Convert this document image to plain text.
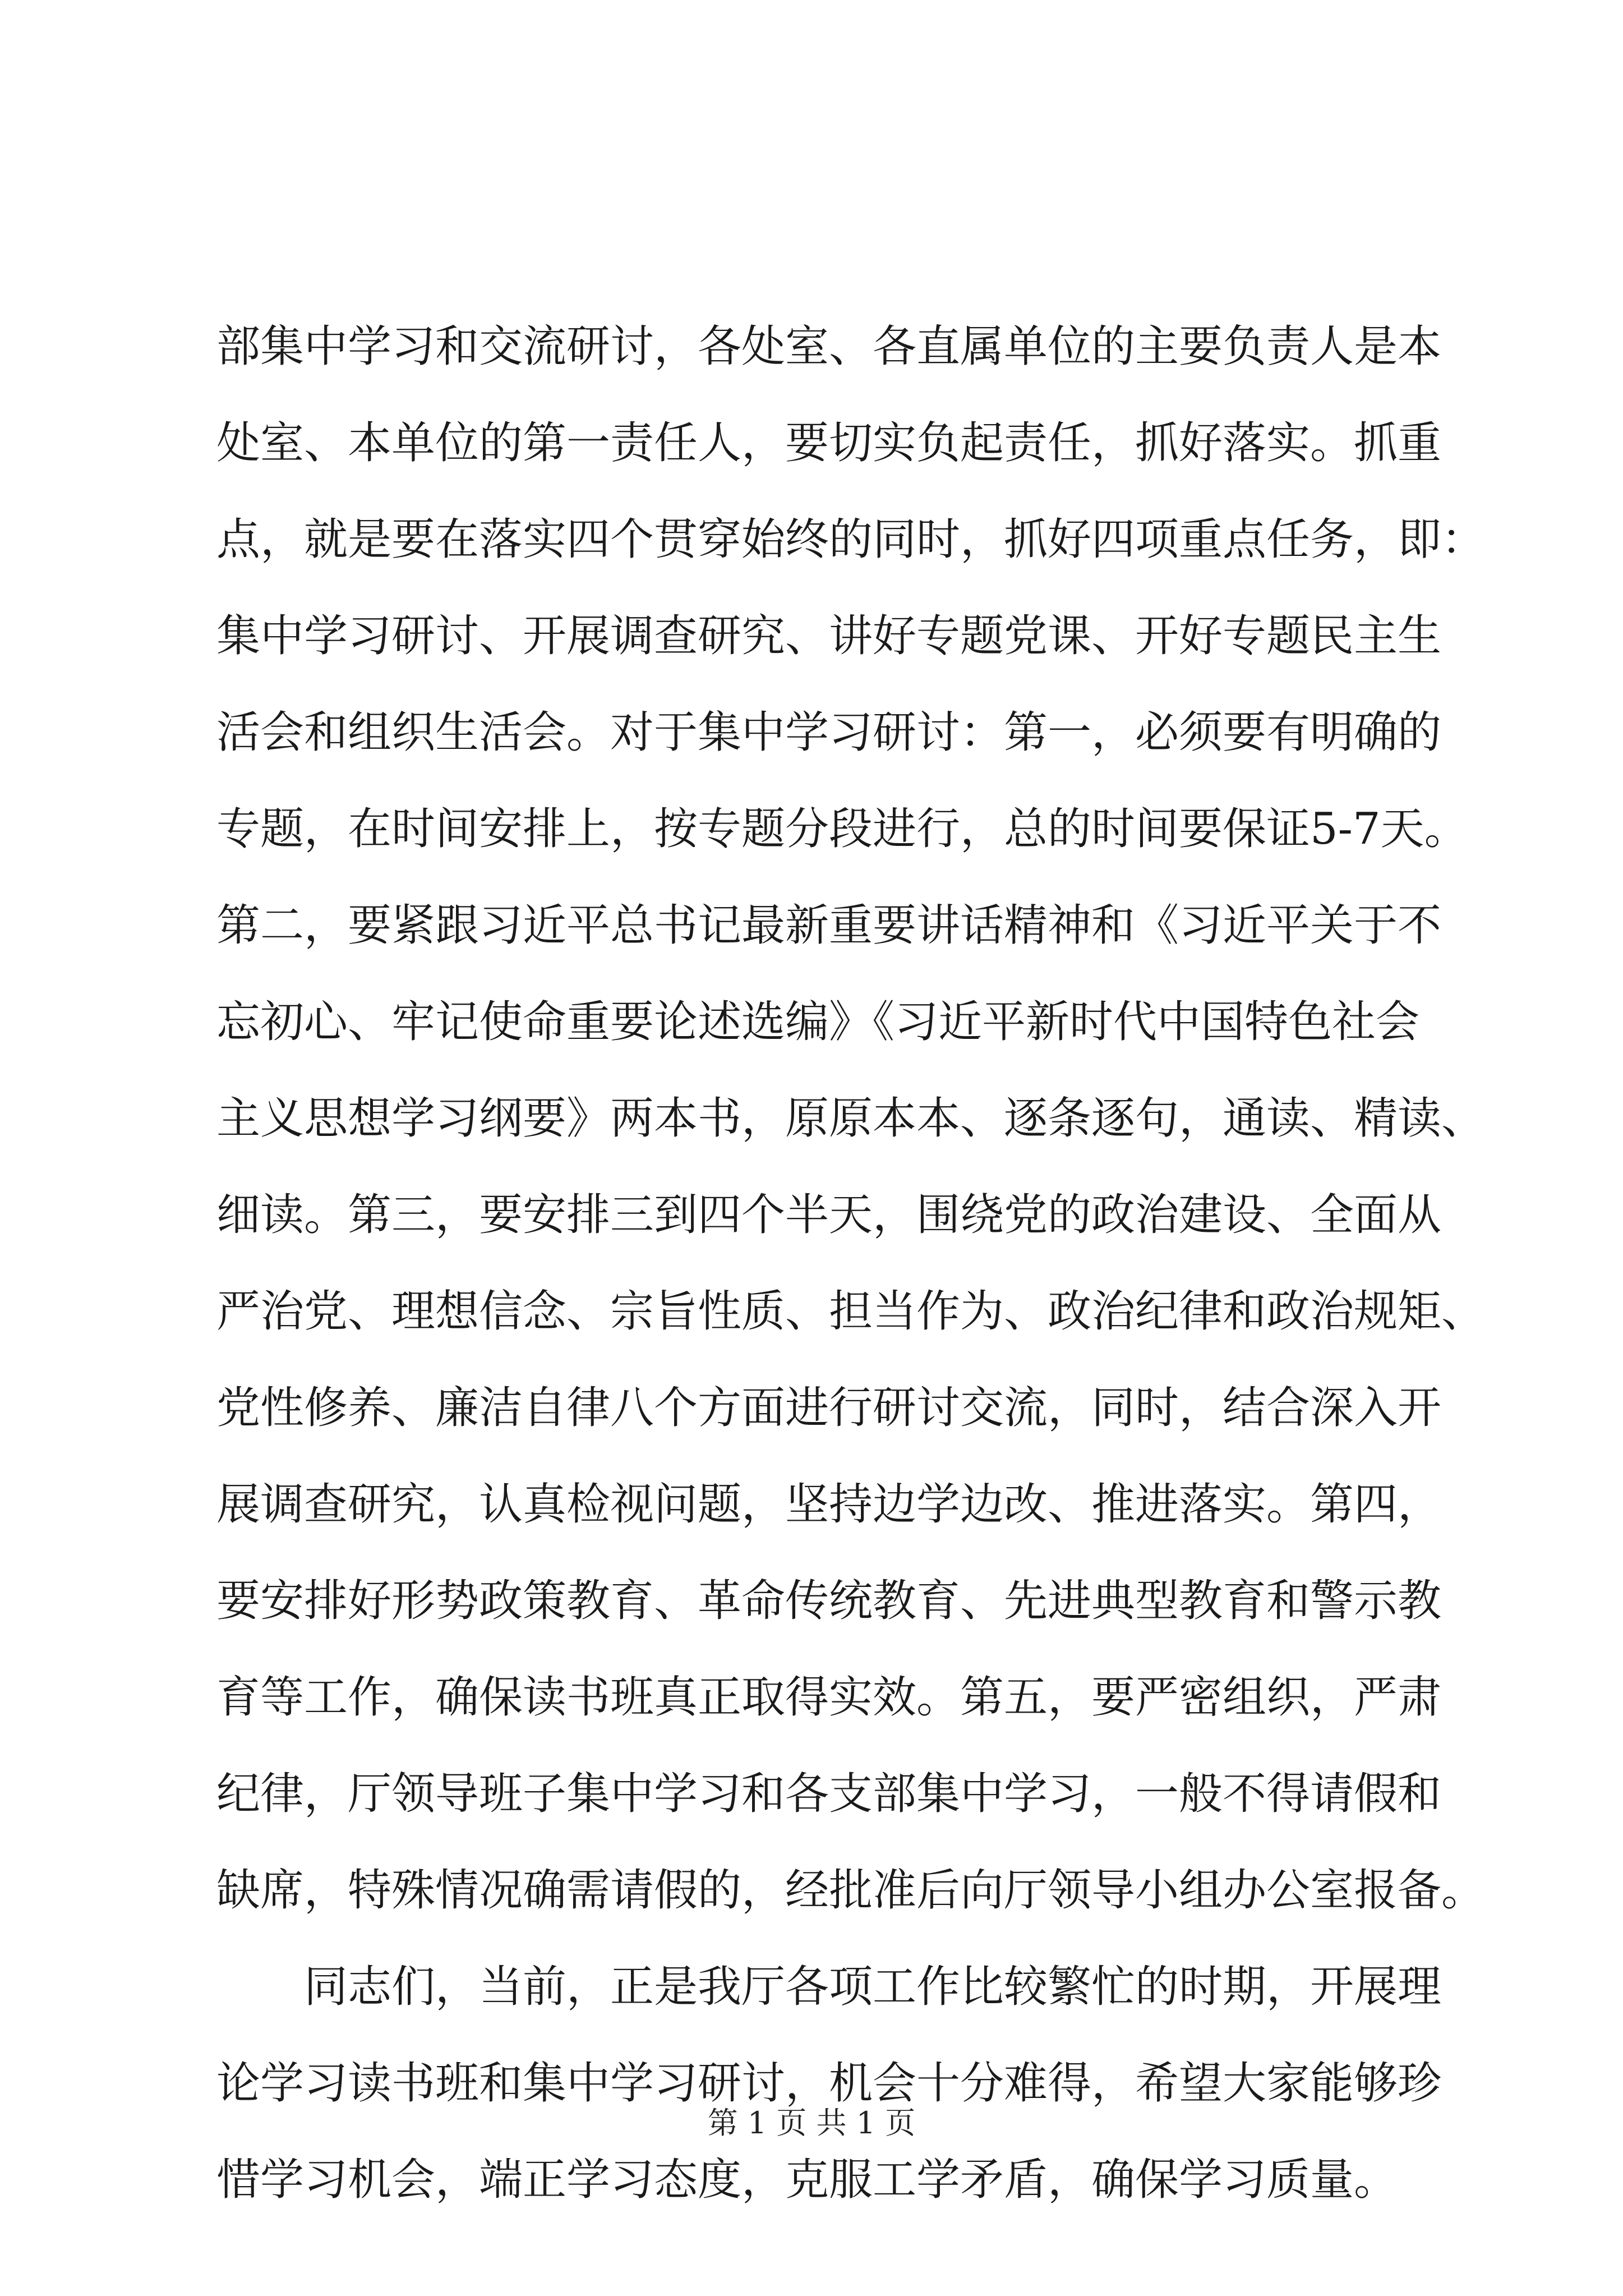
部集中学习和交流研讨，各处室、各直属单位的主要负责人是本
处室、本单位的第一责任人，要切实负起责任，抓好落实。抓重
点，就是要在落实四个贯穿始终的同时，抓好四项重点任务，即：
集中学习研讨、开展调查研究、讲好专题党课、开好专题民主生
活会和组织生活会。对于集中学习研讨：第一，必须要有明确的
专题，在时间安排上，按专题分段进行，总的时间要保证5-7天。
第二，要紧跟习近平总书记最新重要讲话精神和《习近平关于不
忘初心、牢记使命重要论述选编》《习近平新时代中国特色社会
主义思想学习纲要》两本书，原原本本、逐条逐句，通读、精读、
细读。第三，要安排三到四个半天，围绕党的政治建设、全面从
严治党、理想信念、宗旨性质、担当作为、政治纪律和政治规矩、
党性修养、廉洁自律八个方面进行研讨交流，同时，结合深入开
展调查研究，认真检视问题，坚持边学边改、推进落实。第四，
要安排好形势政策教育、革命传统教育、先进典型教育和警示教
育等工作，确保读书班真正取得实效。第五，要严密组织，严肃
纪律，厅领导班子集中学习和各支部集中学习，一般不得请假和
缺席，特殊情况确需请假的，经批准后向厅领导小组办公室报备。
同志们，当前，正是我厅各项工作比较繁忙的时期，开展理
论学习读书班和集中学习研讨，机会十分难得，希望大家能够珍
惜学习机会，端正学习态度，克服工学矛盾，确保学习质量。
第 1 页 共 1 页
